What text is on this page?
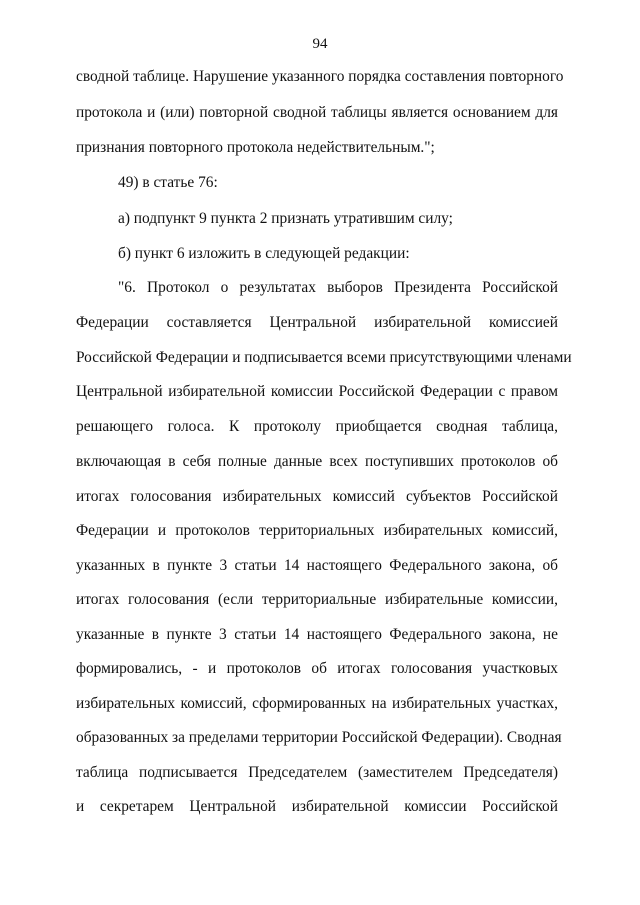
94
сводной таблице. Нарушение указанного порядка составления повторного
протокола и (или) повторной сводной таблицы является основанием для
признания повторного протокола недействительным.";
49) в статье 76:
а) подпункт 9 пункта 2 признать утратившим силу;
б) пункт 6 изложить в следующей редакции:
"6. Протокол о результатах выборов Президента Российской
Федерации составляется Центральной избирательной комиссией
Российской Федерации и подписывается всеми присутствующими членами
Центральной избирательной комиссии Российской Федерации с правом
решающего голоса. К протоколу приобщается сводная таблица,
включающая в себя полные данные всех поступивших протоколов об
итогах голосования избирательных комиссий субъектов Российской
Федерации и протоколов территориальных избирательных комиссий,
указанных в пункте 3 статьи 14 настоящего Федерального закона, об
итогах голосования (если территориальные избирательные комиссии,
указанные в пункте 3 статьи 14 настоящего Федерального закона, не
формировались, - и протоколов об итогах голосования участковых
избирательных комиссий, сформированных на избирательных участках,
образованных за пределами территории Российской Федерации). Сводная
таблица подписывается Председателем (заместителем Председателя)
и секретарем Центральной избирательной комиссии Российской
